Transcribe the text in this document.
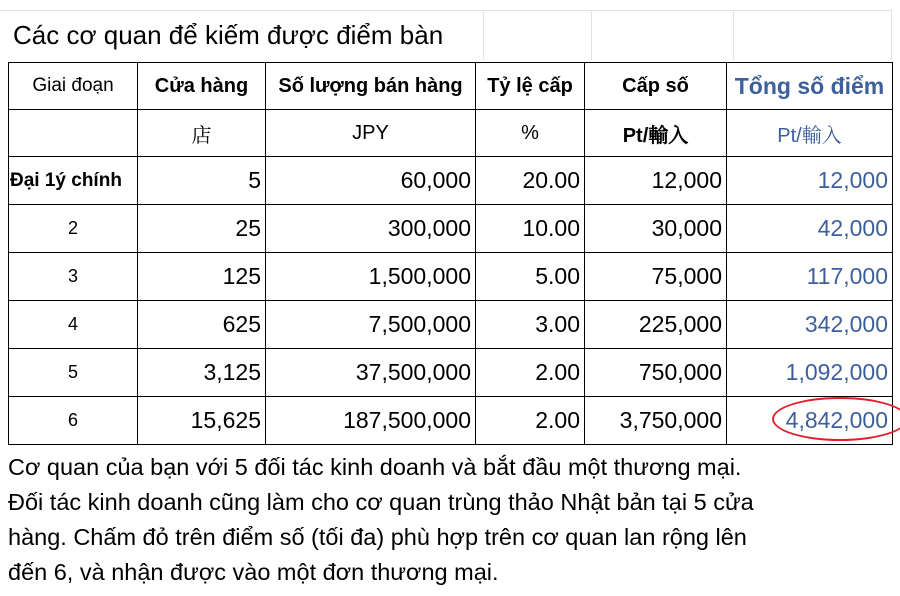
Các cơ quan để kiếm được điểm bàn
Giai đoạn	Cửa hàng	Số lượng bán hàng	Tỷ lệ cấp	Cấp số	Tổng số điểm
	店	JPY	%	Pt/輸入	Pt/輸入
Đại 1ý chính	5	60,000	20.00	12,000	12,000
2	25	300,000	10.00	30,000	42,000
3	125	1,500,000	5.00	75,000	117,000
4	625	7,500,000	3.00	225,000	342,000
5	3,125	37,500,000	2.00	750,000	1,092,000
6	15,625	187,500,000	2.00	3,750,000	4,842,000
Cơ quan của bạn với 5 đối tác kinh doanh và bắt đầu một thương mại.
Đối tác kinh doanh cũng làm cho cơ quan trùng thảo Nhật bản tại 5 cửa
hàng. Chấm đỏ trên điểm số (tối đa) phù hợp trên cơ quan lan rộng lên
đến 6, và nhận được vào một đơn thương mại.
